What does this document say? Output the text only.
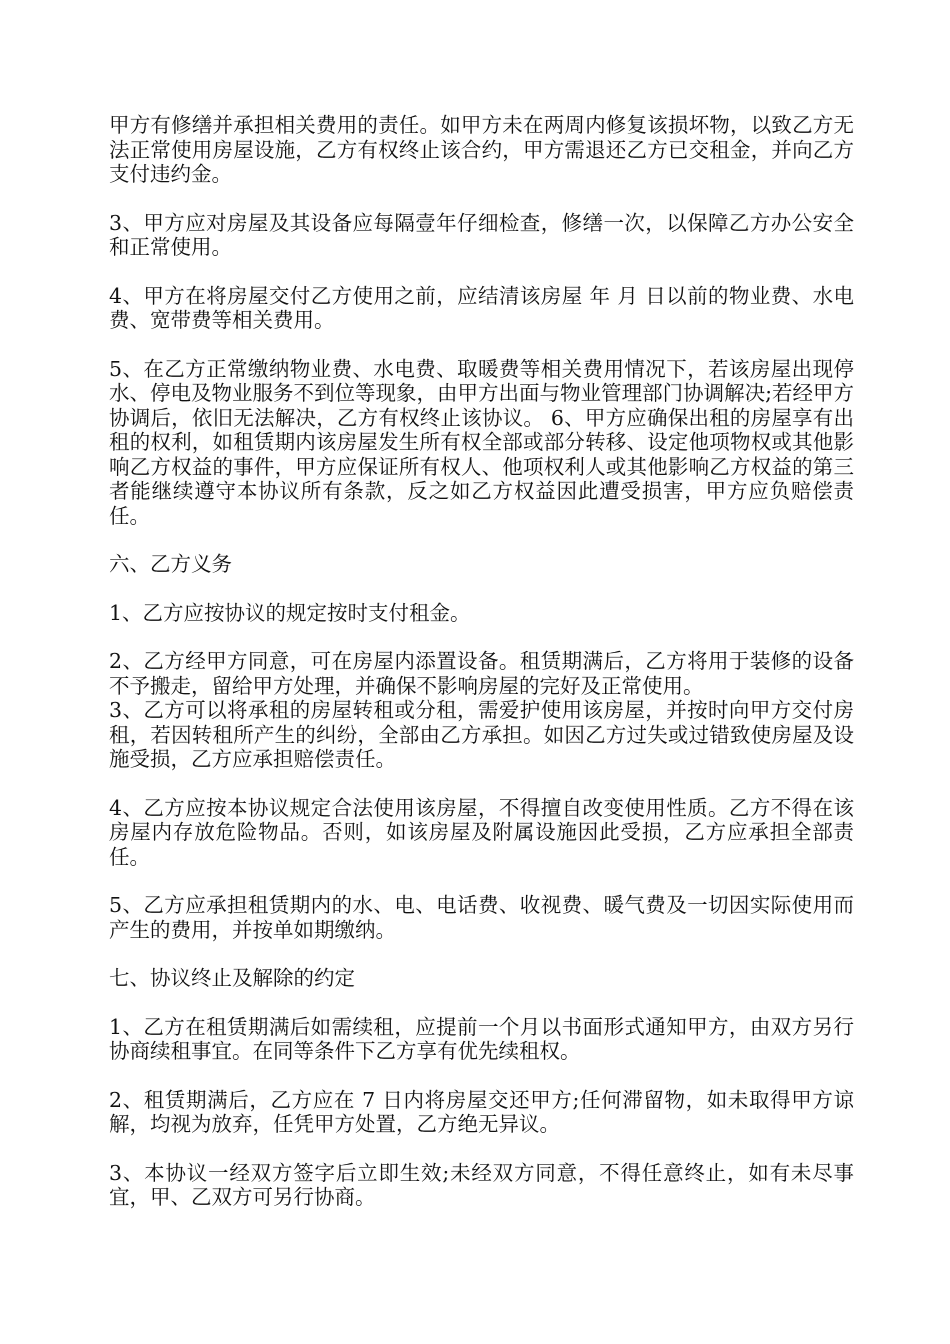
甲方有修缮并承担相关费用的责任。如甲方未在两周内修复该损坏物，以致乙方无法正常使用房屋设施，乙方有权终止该合约，甲方需退还乙方已交租金，并向乙方支付违约金。

3、甲方应对房屋及其设备应每隔壹年仔细检查，修缮一次，以保障乙方办公安全和正常使用。

4、甲方在将房屋交付乙方使用之前，应结清该房屋 年 月 日以前的物业费、水电费、宽带费等相关费用。

5、在乙方正常缴纳物业费、水电费、取暖费等相关费用情况下，若该房屋出现停水、停电及物业服务不到位等现象，由甲方出面与物业管理部门协调解决;若经甲方协调后，依旧无法解决，乙方有权终止该协议。 6、甲方应确保出租的房屋享有出租的权利，如租赁期内该房屋发生所有权全部或部分转移、设定他项物权或其他影响乙方权益的事件，甲方应保证所有权人、他项权利人或其他影响乙方权益的第三者能继续遵守本协议所有条款，反之如乙方权益因此遭受损害，甲方应负赔偿责任。

六、乙方义务

1、乙方应按协议的规定按时支付租金。

2、乙方经甲方同意，可在房屋内添置设备。租赁期满后，乙方将用于装修的设备不予搬走，留给甲方处理，并确保不影响房屋的完好及正常使用。

3、乙方可以将承租的房屋转租或分租，需爱护使用该房屋，并按时向甲方交付房租，若因转租所产生的纠纷，全部由乙方承担。如因乙方过失或过错致使房屋及设施受损，乙方应承担赔偿责任。

4、乙方应按本协议规定合法使用该房屋，不得擅自改变使用性质。乙方不得在该房屋内存放危险物品。否则，如该房屋及附属设施因此受损，乙方应承担全部责任。

5、乙方应承担租赁期内的水、电、电话费、收视费、暖气费及一切因实际使用而产生的费用，并按单如期缴纳。

七、协议终止及解除的约定

1、乙方在租赁期满后如需续租，应提前一个月以书面形式通知甲方，由双方另行协商续租事宜。在同等条件下乙方享有优先续租权。

2、租赁期满后，乙方应在 7 日内将房屋交还甲方;任何滞留物，如未取得甲方谅解，均视为放弃，任凭甲方处置，乙方绝无异议。

3、本协议一经双方签字后立即生效;未经双方同意，不得任意终止，如有未尽事宜，甲、乙双方可另行协商。
